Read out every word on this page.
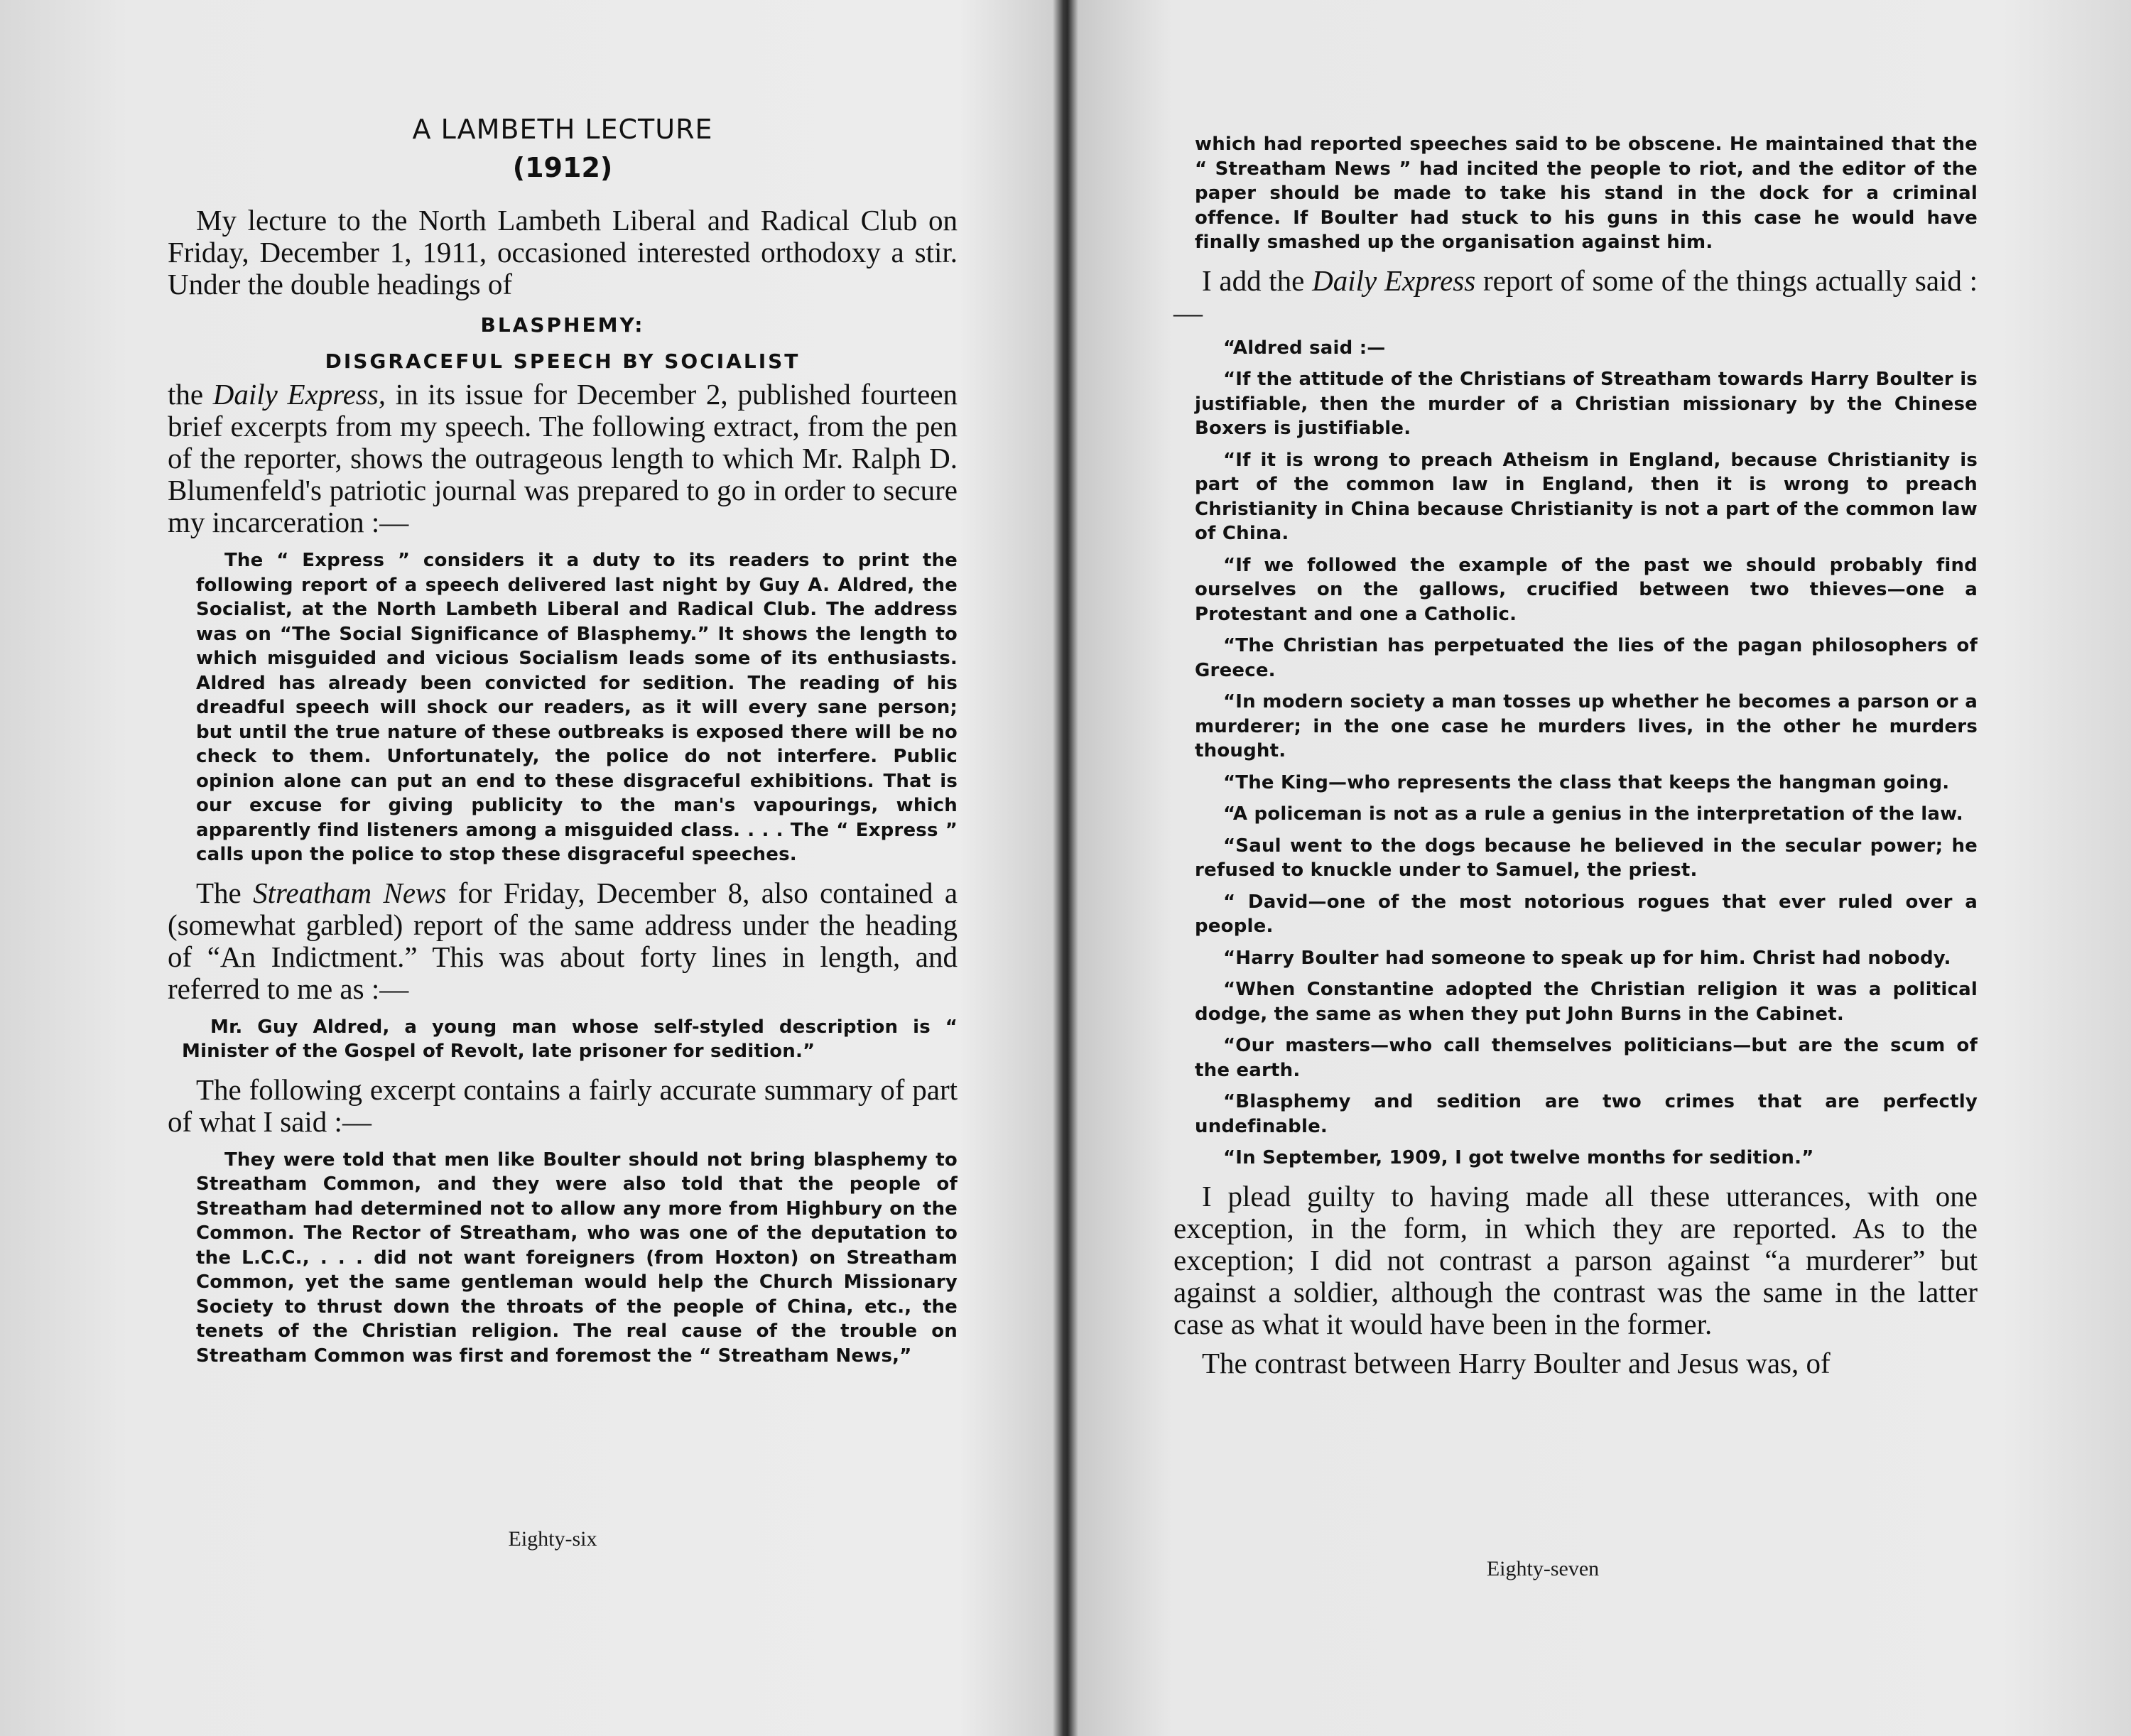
A LAMBETH LECTURE

(1912)

My lecture to the North Lambeth Liberal and Radical Club on Friday, December 1, 1911, occasioned interested orthodoxy a stir. Under the double headings of

BLASPHEMY:

DISGRACEFUL SPEECH BY SOCIALIST

the Daily Express, in its issue for December 2, published fourteen brief excerpts from my speech. The following extract, from the pen of the reporter, shows the outrageous length to which Mr. Ralph D. Blumenfeld's patriotic journal was prepared to go in order to secure my incarceration :—

The “ Express ” considers it a duty to its readers to print the following report of a speech delivered last night by Guy A. Aldred, the Socialist, at the North Lambeth Liberal and Radical Club. The address was on “The Social Significance of Blasphemy.” It shows the length to which misguided and vicious Socialism leads some of its enthusiasts. Aldred has already been convicted for sedition. The reading of his dreadful speech will shock our readers, as it will every sane person; but until the true nature of these outbreaks is exposed there will be no check to them. Unfortunately, the police do not interfere. Public opinion alone can put an end to these disgraceful exhibitions. That is our excuse for giving publicity to the man's vapourings, which apparently find listeners among a misguided class. . . . The “ Express ” calls upon the police to stop these disgraceful speeches.

The Streatham News for Friday, December 8, also contained a (somewhat garbled) report of the same address under the heading of “An Indictment.” This was about forty lines in length, and referred to me as :—

Mr. Guy Aldred, a young man whose self-styled description is “ Minister of the Gospel of Revolt, late prisoner for sedition.”

The following excerpt contains a fairly accurate summary of part of what I said :—

They were told that men like Boulter should not bring blasphemy to Streatham Common, and they were also told that the people of Streatham had determined not to allow any more from Highbury on the Common. The Rector of Streatham, who was one of the deputation to the L.C.C., . . . did not want foreigners (from Hoxton) on Streatham Common, yet the same gentleman would help the Church Missionary Society to thrust down the throats of the people of China, etc., the tenets of the Christian religion. The real cause of the trouble on Streatham Common was first and foremost the “ Streatham News,”

Eighty-six

which had reported speeches said to be obscene. He maintained that the “ Streatham News ” had incited the people to riot, and the editor of the paper should be made to take his stand in the dock for a criminal offence. If Boulter had stuck to his guns in this case he would have finally smashed up the organisation against him.

I add the Daily Express report of some of the things actually said :—

“Aldred said :—

“If the attitude of the Christians of Streatham towards Harry Boulter is justifiable, then the murder of a Christian missionary by the Chinese Boxers is justifiable.

“If it is wrong to preach Atheism in England, because Christianity is part of the common law in England, then it is wrong to preach Christianity in China because Christianity is not a part of the common law of China.

“If we followed the example of the past we should probably find ourselves on the gallows, crucified between two thieves—one a Protestant and one a Catholic.

“The Christian has perpetuated the lies of the pagan philosophers of Greece.

“In modern society a man tosses up whether he becomes a parson or a murderer; in the one case he murders lives, in the other he murders thought.

“The King—who represents the class that keeps the hangman going.

“A policeman is not as a rule a genius in the interpretation of the law.

“Saul went to the dogs because he believed in the secular power; he refused to knuckle under to Samuel, the priest.

“ David—one of the most notorious rogues that ever ruled over a people.

“Harry Boulter had someone to speak up for him. Christ had nobody.

“When Constantine adopted the Christian religion it was a political dodge, the same as when they put John Burns in the Cabinet.

“Our masters—who call themselves politicians—but are the scum of the earth.

“Blasphemy and sedition are two crimes that are perfectly undefinable.

“In September, 1909, I got twelve months for sedition.”

I plead guilty to having made all these utterances, with one exception, in the form, in which they are reported. As to the exception; I did not contrast a parson against “a murderer” but against a soldier, although the contrast was the same in the latter case as what it would have been in the former.

The contrast between Harry Boulter and Jesus was, of

Eighty-seven
